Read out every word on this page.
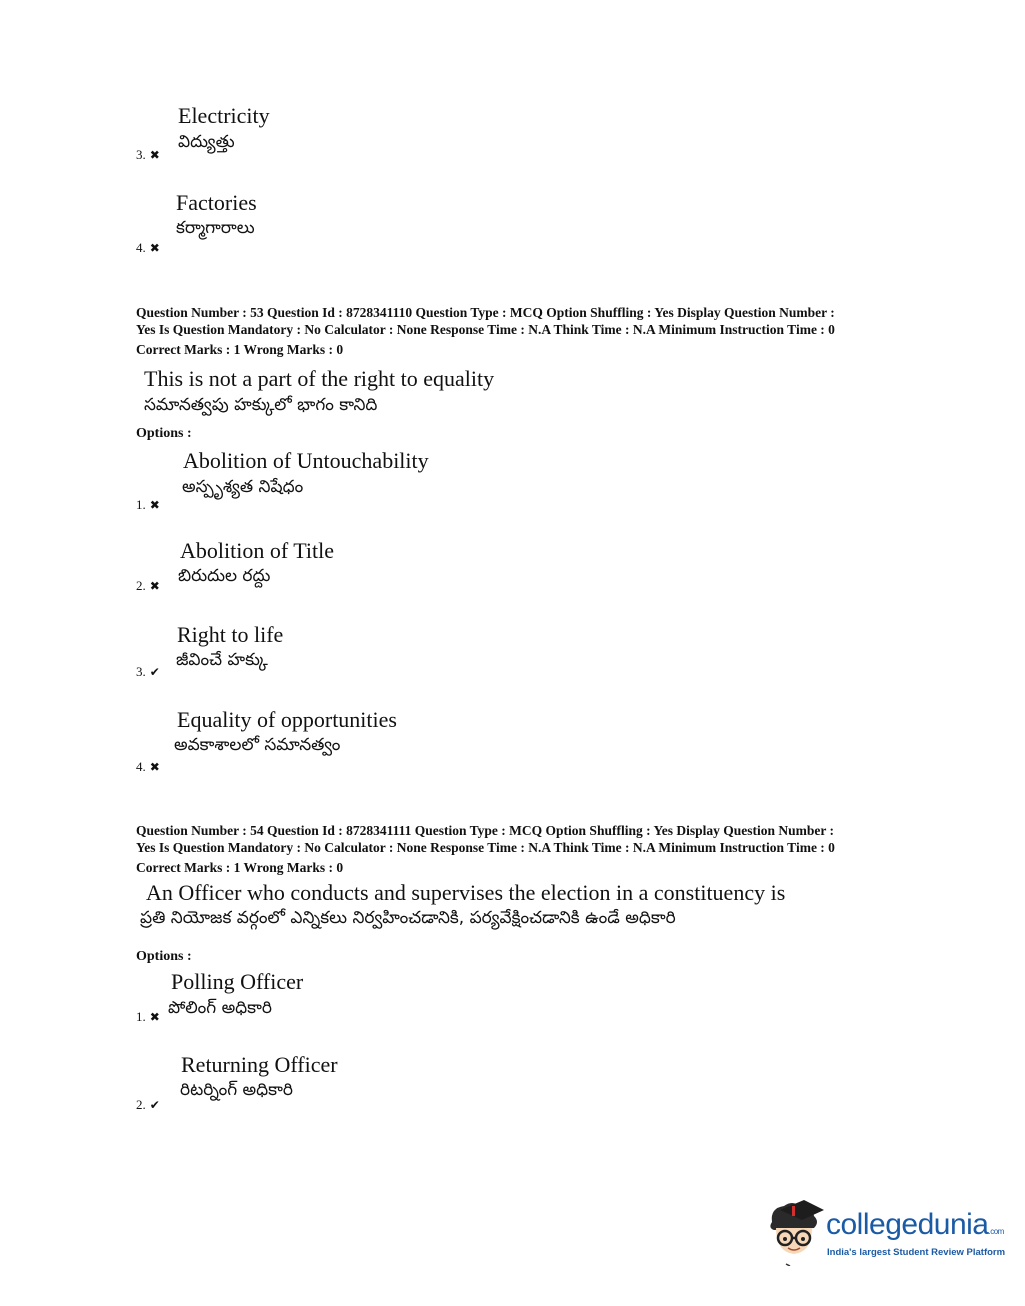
Electricity
విద్యుత్తు
3. ✖
Factories
కర్మాగారాలు
4. ✖
Question Number : 53 Question Id : 8728341110 Question Type : MCQ Option Shuffling : Yes Display Question Number :
Yes Is Question Mandatory : No Calculator : None Response Time : N.A Think Time : N.A Minimum Instruction Time : 0
Correct Marks : 1 Wrong Marks : 0
This is not a part of the right to equality
సమానత్వపు హక్కులో భాగం కానిది
Options :
Abolition of Untouchability
అస్పృశ్యత నిషేధం
1. ✖
Abolition of Title
బిరుదుల రద్దు
2. ✖
Right to life
జీవించే హక్కు
3. ✔
Equality of opportunities
అవకాశాలలో సమానత్వం
4. ✖
Question Number : 54 Question Id : 8728341111 Question Type : MCQ Option Shuffling : Yes Display Question Number :
Yes Is Question Mandatory : No Calculator : None Response Time : N.A Think Time : N.A Minimum Instruction Time : 0
Correct Marks : 1 Wrong Marks : 0
An Officer who conducts and supervises the election in a constituency is
ప్రతి నియోజక వర్గంలో ఎన్నికలు నిర్వహించడానికి, పర్యవేక్షించడానికి ఉండే అధికారి
Options :
Polling Officer
పోలింగ్ అధికారి
1. ✖
Returning Officer
రిటర్నింగ్ అధికారి
2. ✔
collegedunia.com
India's largest Student Review Platform
